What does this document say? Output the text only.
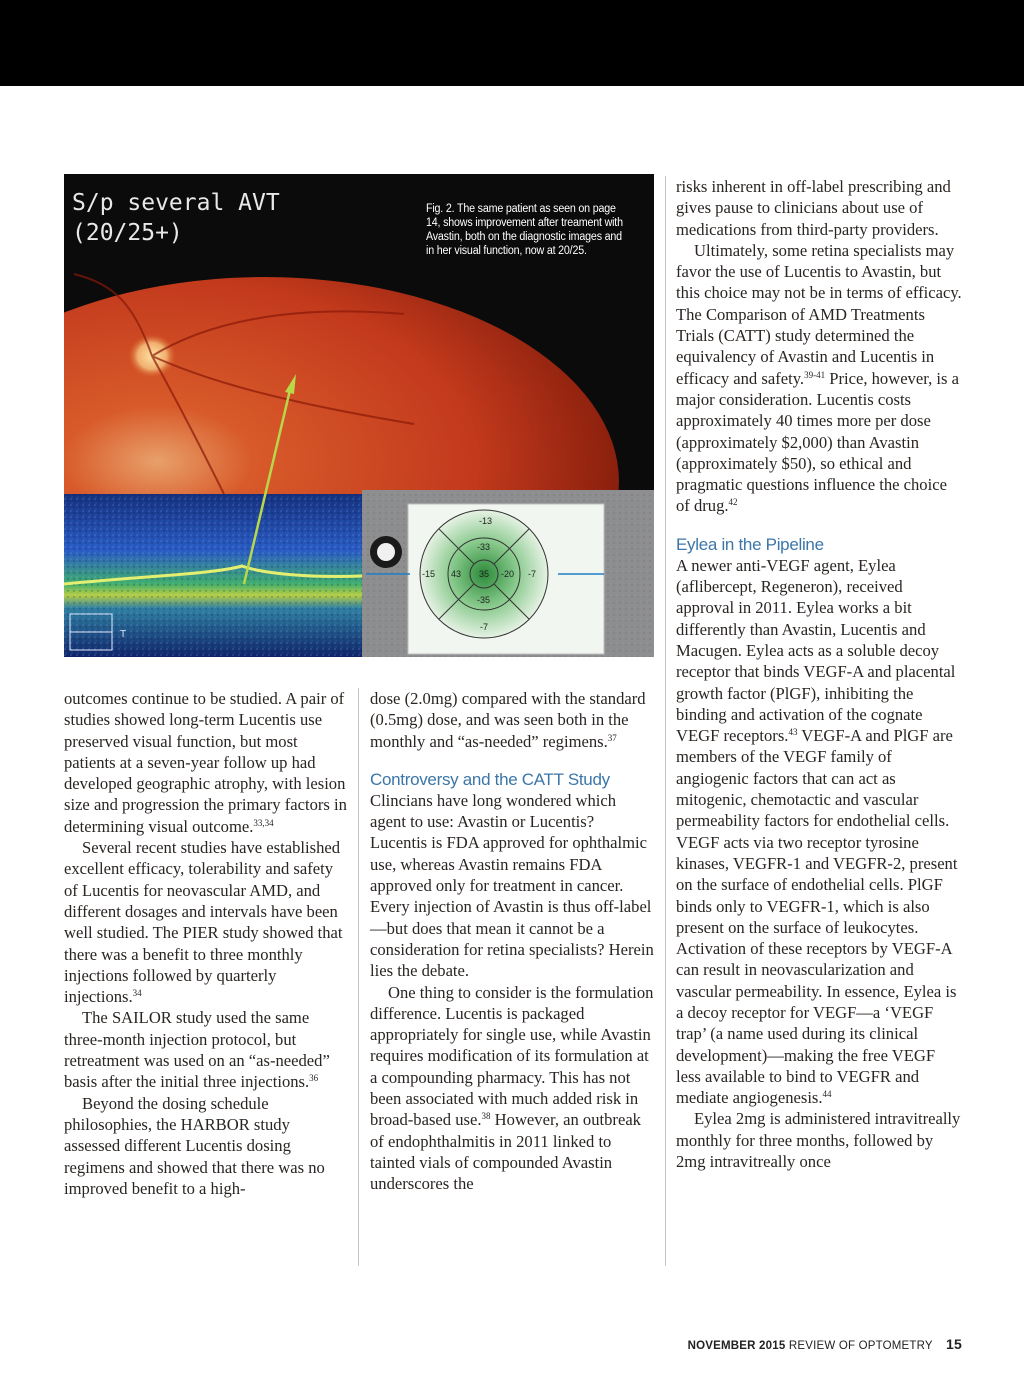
T
-13
-33
-15 43 35 -20 -7
-35
-7
S/p several AVT
(20/25+)
Fig. 2. The same patient as seen on page 14, shows improvement after treament with Avastin, both on the diagnostic images and in her visual function, now at 20/25.

outcomes continue to be studied. A pair of studies showed long-term Lucentis use preserved visual function, but most patients at a seven-year follow up had developed geographic atrophy, with lesion size and progression the primary factors in determining visual outcome.$^{33,34}$

Several recent studies have established excellent efficacy, tolerability and safety of Lucentis for neovascular AMD, and different dosages and intervals have been well studied. The PIER study showed that there was a benefit to three monthly injections followed by quarterly injections.$^{34}$

The SAILOR study used the same three-month injection protocol, but retreatment was used on an “as-needed” basis after the initial three injections.$^{36}$

Beyond the dosing schedule philosophies, the HARBOR study assessed different Lucentis dosing regimens and showed that there was no improved benefit to a high-

dose (2.0mg) compared with the standard (0.5mg) dose, and was seen both in the monthly and “as-needed” regimens.$^{37}$

Controversy and the CATT Study

Clincians have long wondered which agent to use: Avastin or Lucentis? Lucentis is FDA approved for ophthalmic use, whereas Avastin remains FDA approved only for treatment in cancer. Every injection of Avastin is thus off-label—but does that mean it cannot be a consideration for retina specialists? Herein lies the debate.

One thing to consider is the formulation difference. Lucentis is packaged appropriately for single use, while Avastin requires modification of its formulation at a compounding pharmacy. This has not been associated with much added risk in broad-based use.$^{38}$ However, an outbreak of endophthalmitis in 2011 linked to tainted vials of compounded Avastin underscores the

risks inherent in off-label prescribing and gives pause to clinicians about use of medications from third-party providers.

Ultimately, some retina specialists may favor the use of Lucentis to Avastin, but this choice may not be in terms of efficacy. The Comparison of AMD Treatments Trials (CATT) study determined the equivalency of Avastin and Lucentis in efficacy and safety.$^{39-41}$ Price, however, is a major consideration. Lucentis costs approximately 40 times more per dose (approximately $2,000) than Avastin (approximately $50), so ethical and pragmatic questions influence the choice of drug.$^{42}$

Eylea in the Pipeline

A newer anti-VEGF agent, Eylea (aflibercept, Regeneron), received approval in 2011. Eylea works a bit differently than Avastin, Lucentis and Macugen. Eylea acts as a soluble decoy receptor that binds VEGF-A and placental growth factor (PlGF), inhibiting the binding and activation of the cognate VEGF receptors.$^{43}$ VEGF-A and PlGF are members of the VEGF family of angiogenic factors that can act as mitogenic, chemotactic and vascular permeability factors for endothelial cells. VEGF acts via two receptor tyrosine kinases, VEGFR-1 and VEGFR-2, present on the surface of endothelial cells. PlGF binds only to VEGFR-1, which is also present on the surface of leukocytes. Activation of these receptors by VEGF-A can result in neovascularization and vascular permeability. In essence, Eylea is a decoy receptor for VEGF—a ‘VEGF trap’ (a name used during its clinical development)—making the free VEGF less available to bind to VEGFR and mediate angiogenesis.$^{44}$

Eylea 2mg is administered intravitreally monthly for three months, followed by 2mg intravitreally once

NOVEMBER 2015 REVIEW OF OPTOMETRY 15
